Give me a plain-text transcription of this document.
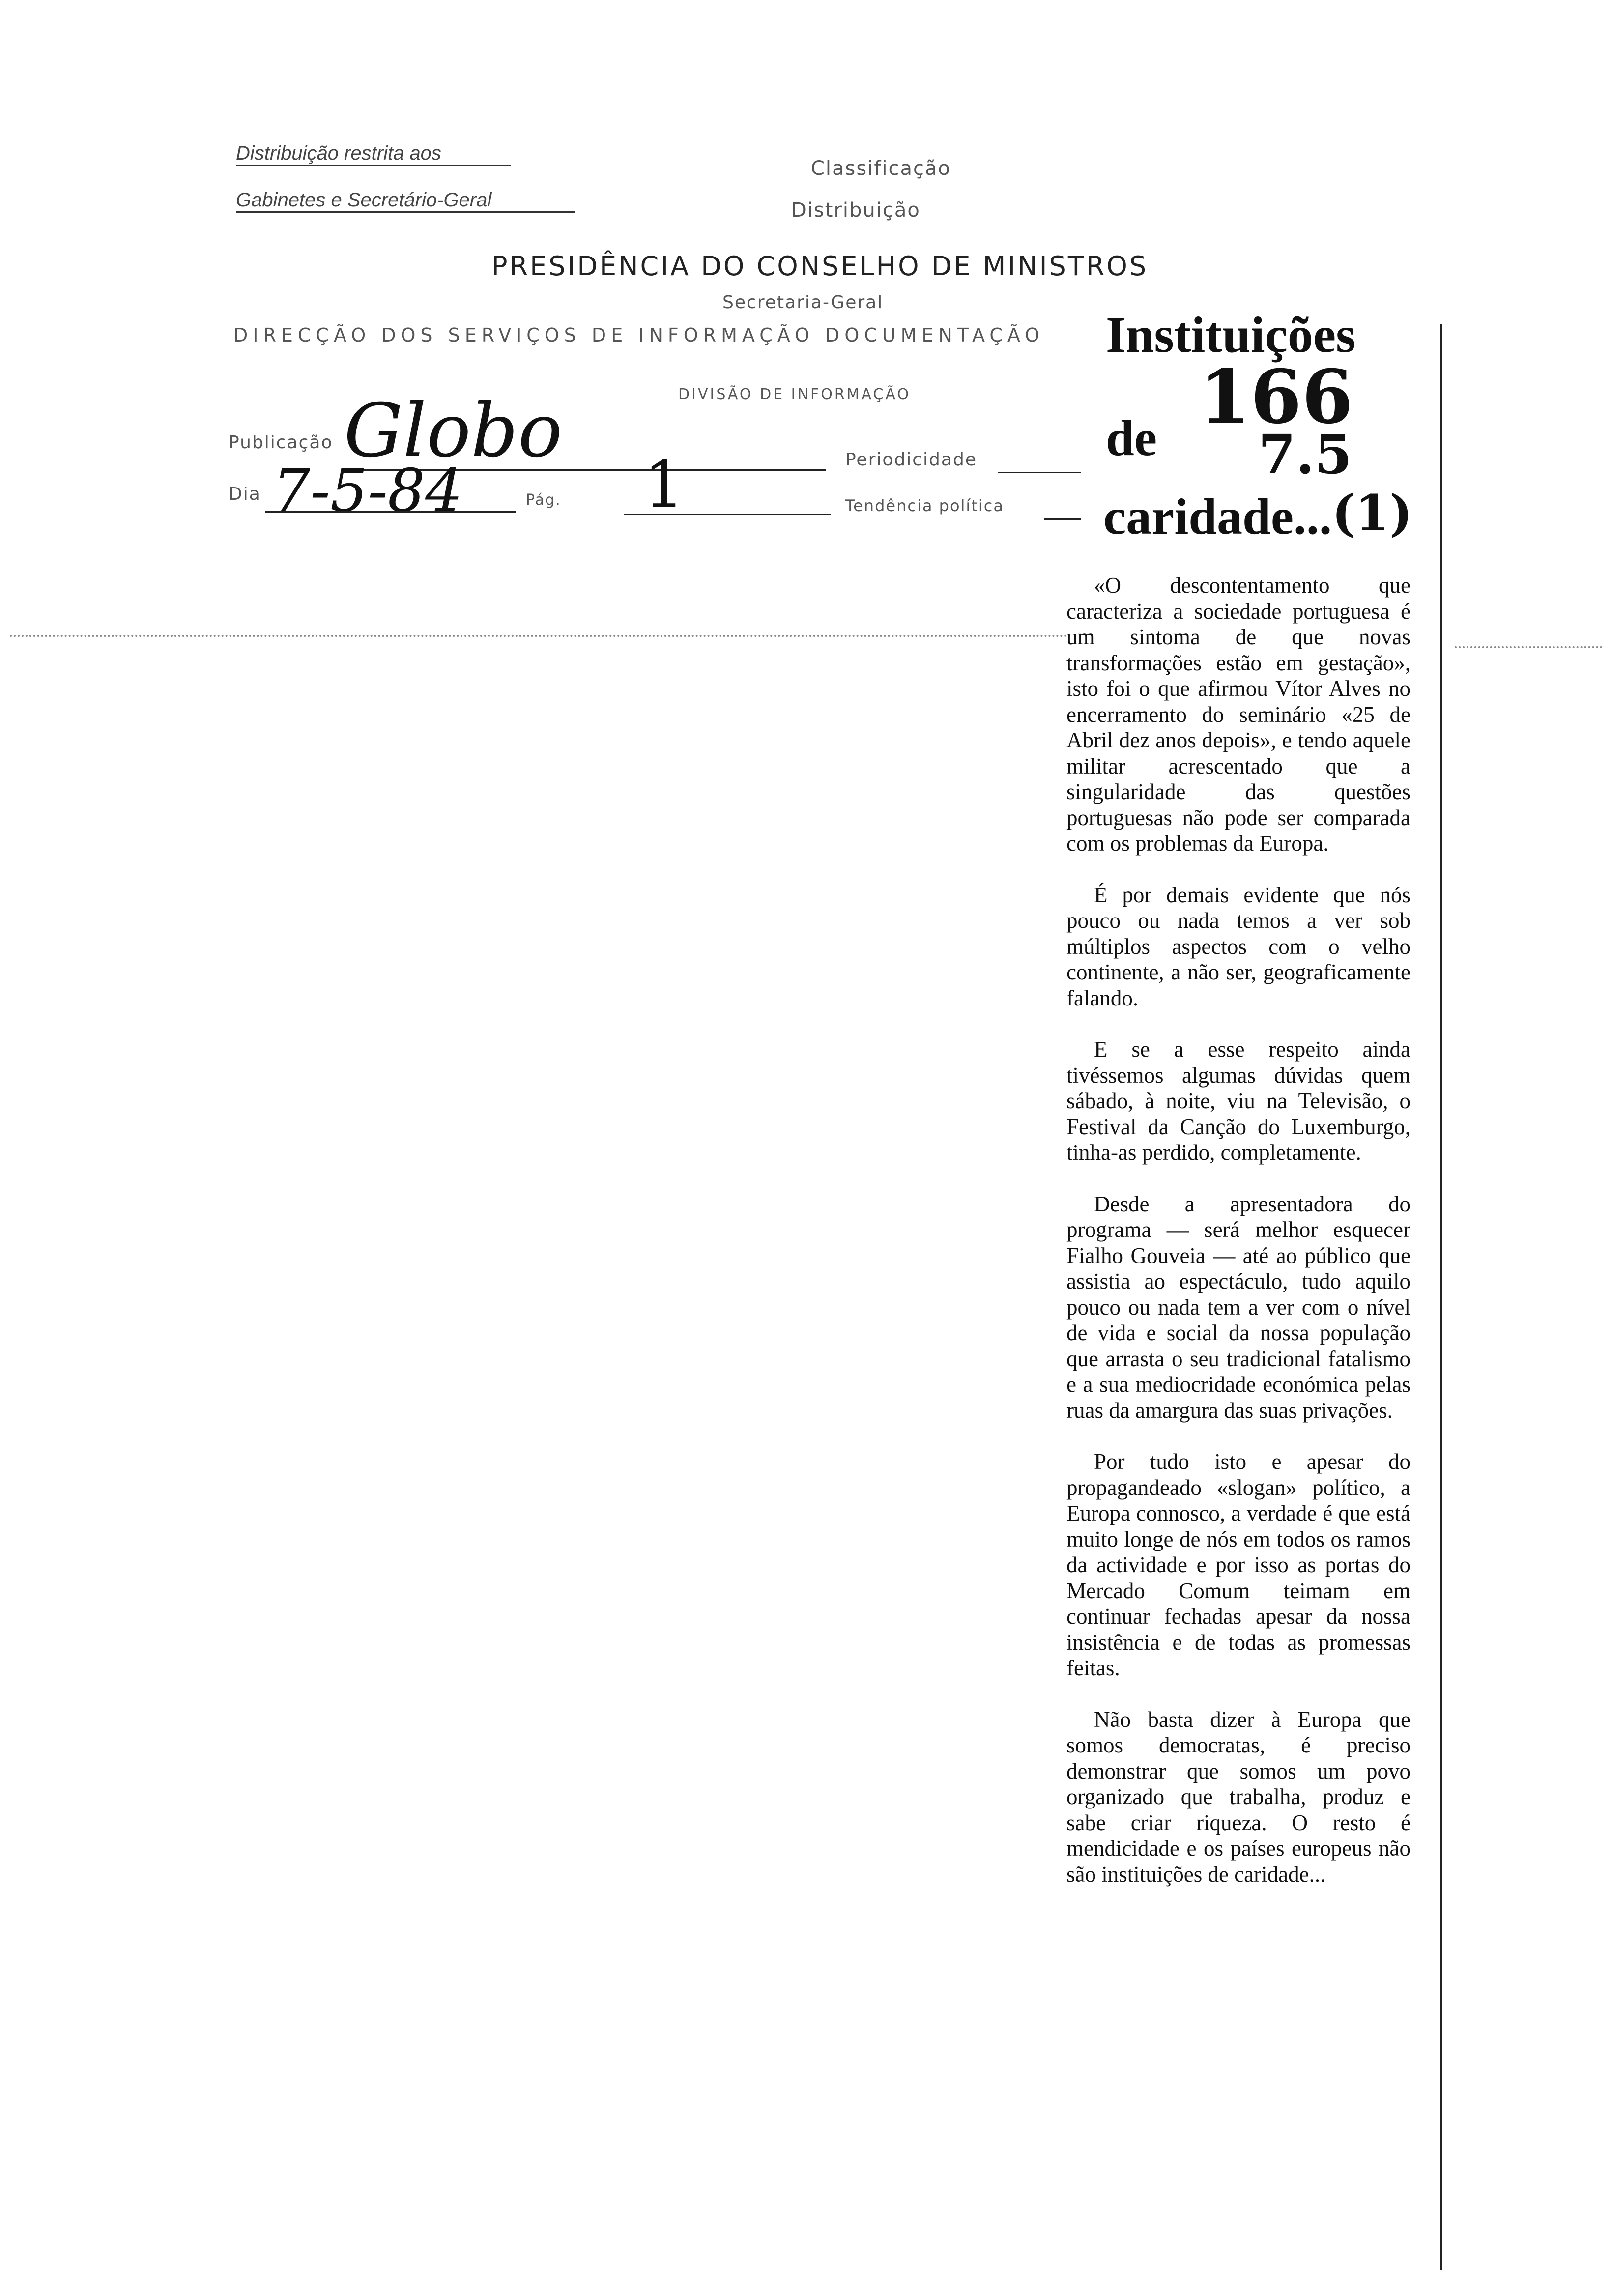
Distribuição restrita aos
Gabinetes e Secretário-Geral
Classificação
Distribuição
PRESIDÊNCIA DO CONSELHO DE MINISTROS
Secretaria-Geral
DIRECÇÃO DOS SERVIÇOS DE INFORMAÇÃO DOCUMENTAÇÃO
DIVISÃO DE INFORMAÇÃO
Publicação Globo	Periodicidade
Dia 7-5-84	Pág. 1	Tendência política
Instituições
de
caridade...
166
7.5
(1)

«O descontentamento que caracteriza a sociedade portuguesa é um sintoma de que novas transformações estão em gestação», isto foi o que afirmou Vítor Alves no encerramento do seminário «25 de Abril dez anos depois», e tendo aquele militar acrescentado que a singularidade das questões portuguesas não pode ser comparada com os problemas da Europa.

É por demais evidente que nós pouco ou nada temos a ver sob múltiplos aspectos com o velho continente, a não ser, geograficamente falando.

E se a esse respeito ainda tivéssemos algumas dúvidas quem sábado, à noite, viu na Televisão, o Festival da Canção do Luxemburgo, tinha-as perdido, completamente.

Desde a apresentadora do programa — será melhor esquecer Fialho Gouveia — até ao público que assistia ao espectáculo, tudo aquilo pouco ou nada tem a ver com o nível de vida e social da nossa população que arrasta o seu tradicional fatalismo e a sua mediocridade económica pelas ruas da amargura das suas privações.

Por tudo isto e apesar do propagandeado «slogan» político, a Europa connosco, a verdade é que está muito longe de nós em todos os ramos da actividade e por isso as portas do Mercado Comum teimam em continuar fechadas apesar da nossa insistência e de todas as promessas feitas.

Não basta dizer à Europa que somos democratas, é preciso demonstrar que somos um povo organizado que trabalha, produz e sabe criar riqueza. O resto é mendicidade e os países europeus não são instituições de caridade...
